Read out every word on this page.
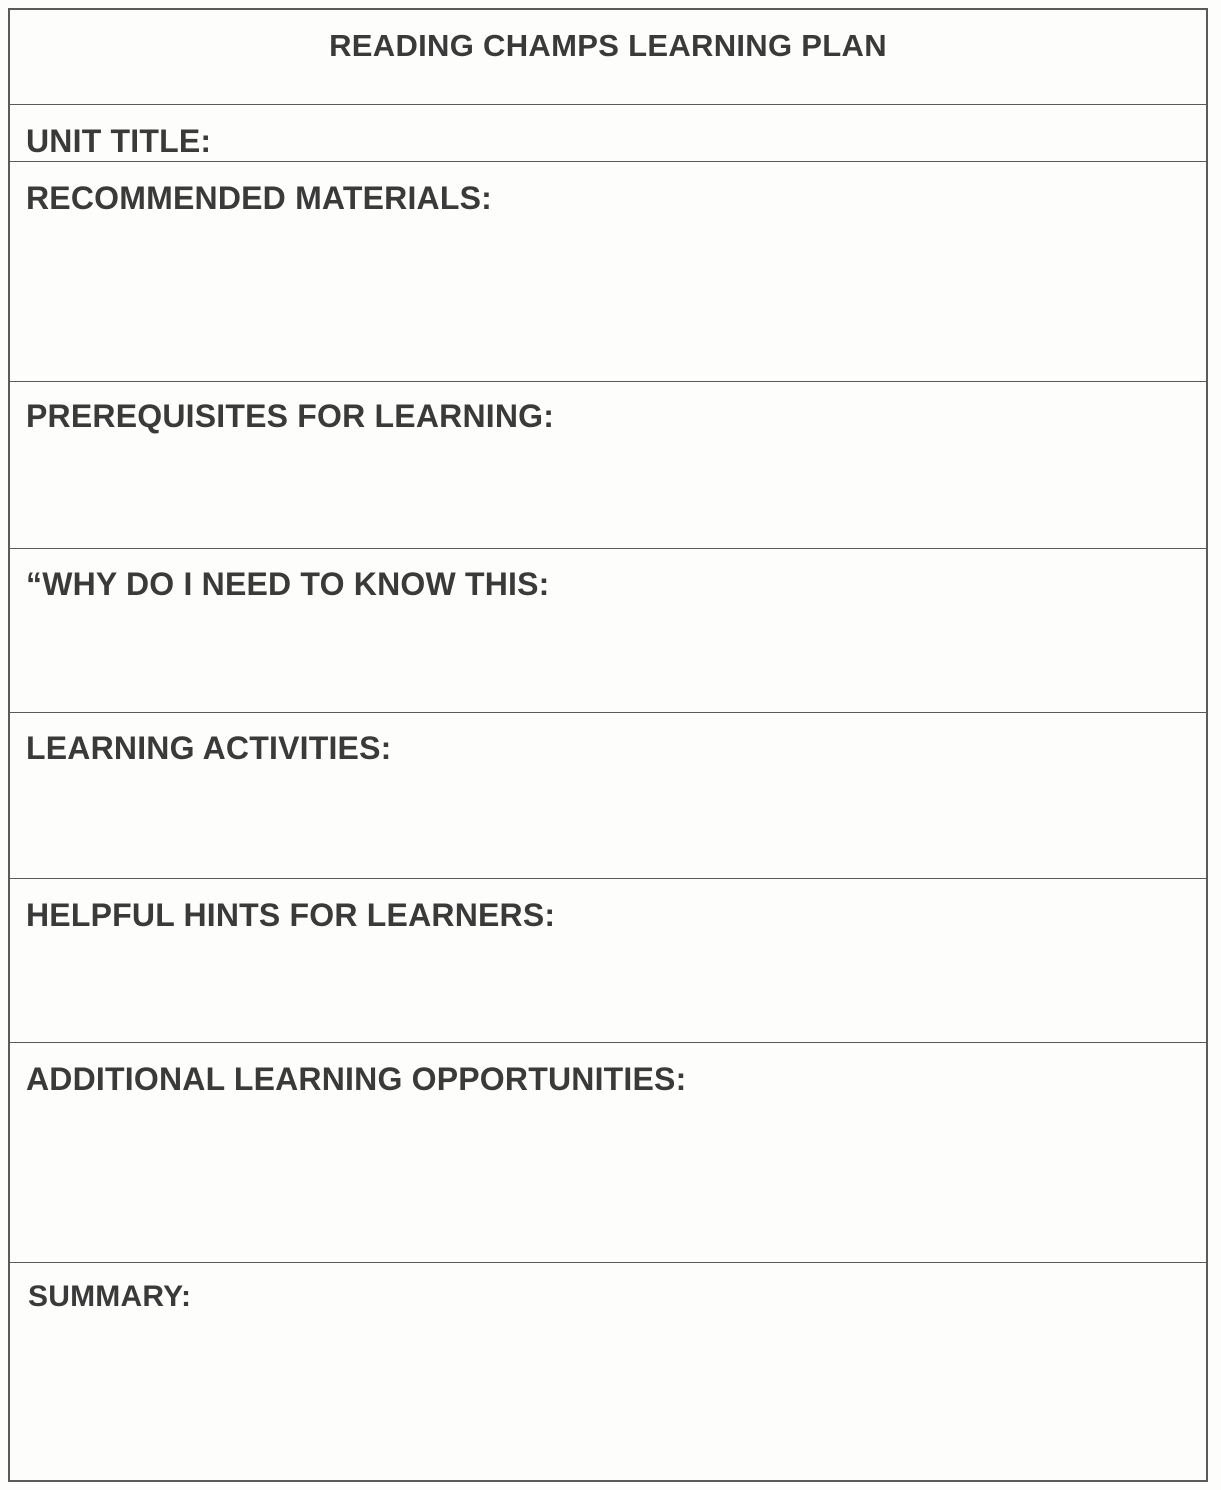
READING CHAMPS LEARNING PLAN
UNIT TITLE:
RECOMMENDED MATERIALS:
PREREQUISITES FOR LEARNING:
“WHY DO I NEED TO KNOW THIS:
LEARNING ACTIVITIES:
HELPFUL HINTS FOR LEARNERS:
ADDITIONAL LEARNING OPPORTUNITIES:
SUMMARY:
